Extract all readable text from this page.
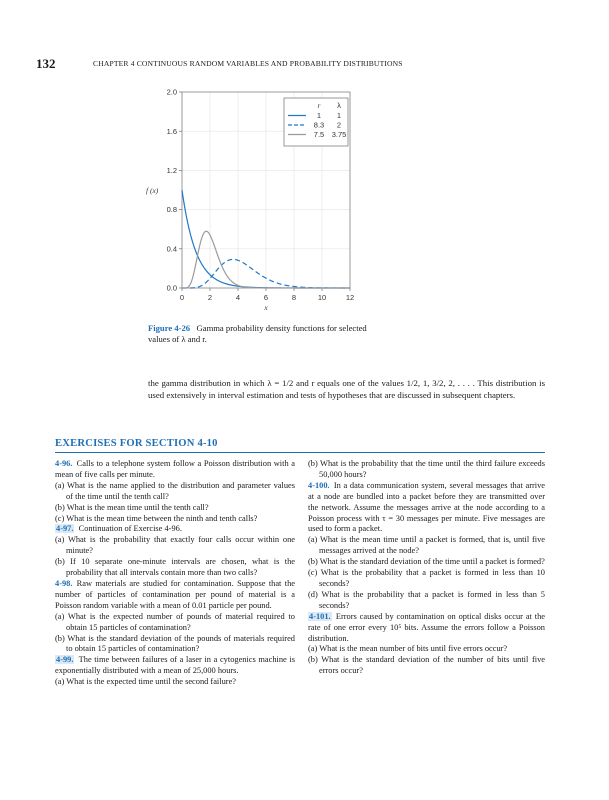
132	CHAPTER 4 CONTINUOUS RANDOM VARIABLES AND PROBABILITY DISTRIBUTIONS
0	2	4	6	8	10	12
0.0
0.4
0.8
1.2
1.6
2.0
x
f (x)
r λ
1 1
8.3 2
7.5 3.75
Figure 4-26 Gamma probability density functions for selected values of λ and r.
the gamma distribution in which λ = 1/2 and r equals one of the values 1/2, 1, 3/2, 2, . . . . This distribution is used extensively in interval estimation and tests of hypotheses that are discussed in subsequent chapters.
EXERCISES FOR SECTION 4-10

4-96.  Calls to a telephone system follow a Poisson distribution with a mean of five calls per minute.

(a) What is the name applied to the distribution and parameter values of the time until the tenth call?

(b) What is the mean time until the tenth call?

(c) What is the mean time between the ninth and tenth calls?

4-97.  Continuation of Exercise 4-96.

(a) What is the probability that exactly four calls occur within one minute?

(b) If 10 separate one-minute intervals are chosen, what is the probability that all intervals contain more than two calls?

4-98.  Raw materials are studied for contamination. Suppose that the number of particles of contamination per pound of material is a Poisson random variable with a mean of 0.01 particle per pound.

(a) What is the expected number of pounds of material required to obtain 15 particles of contamination?

(b) What is the standard deviation of the pounds of materials required to obtain 15 particles of contamination?

4-99.  The time between failures of a laser in a cytogenics machine is exponentially distributed with a mean of 25,000 hours.

(a) What is the expected time until the second failure?

(b) What is the probability that the time until the third failure exceeds 50,000 hours?

4-100.  In a data communication system, several messages that arrive at a node are bundled into a packet before they are transmitted over the network. Assume the messages arrive at the node according to a Poisson process with τ = 30 messages per minute. Five messages are used to form a packet.

(a) What is the mean time until a packet is formed, that is, until five messages arrived at the node?

(b) What is the standard deviation of the time until a packet is formed?

(c) What is the probability that a packet is formed in less than 10 seconds?

(d) What is the probability that a packet is formed in less than 5 seconds?

4-101.  Errors caused by contamination on optical disks occur at the rate of one error every 10⁵ bits. Assume the errors follow a Poisson distribution.

(a) What is the mean number of bits until five errors occur?

(b) What is the standard deviation of the number of bits until five errors occur?
